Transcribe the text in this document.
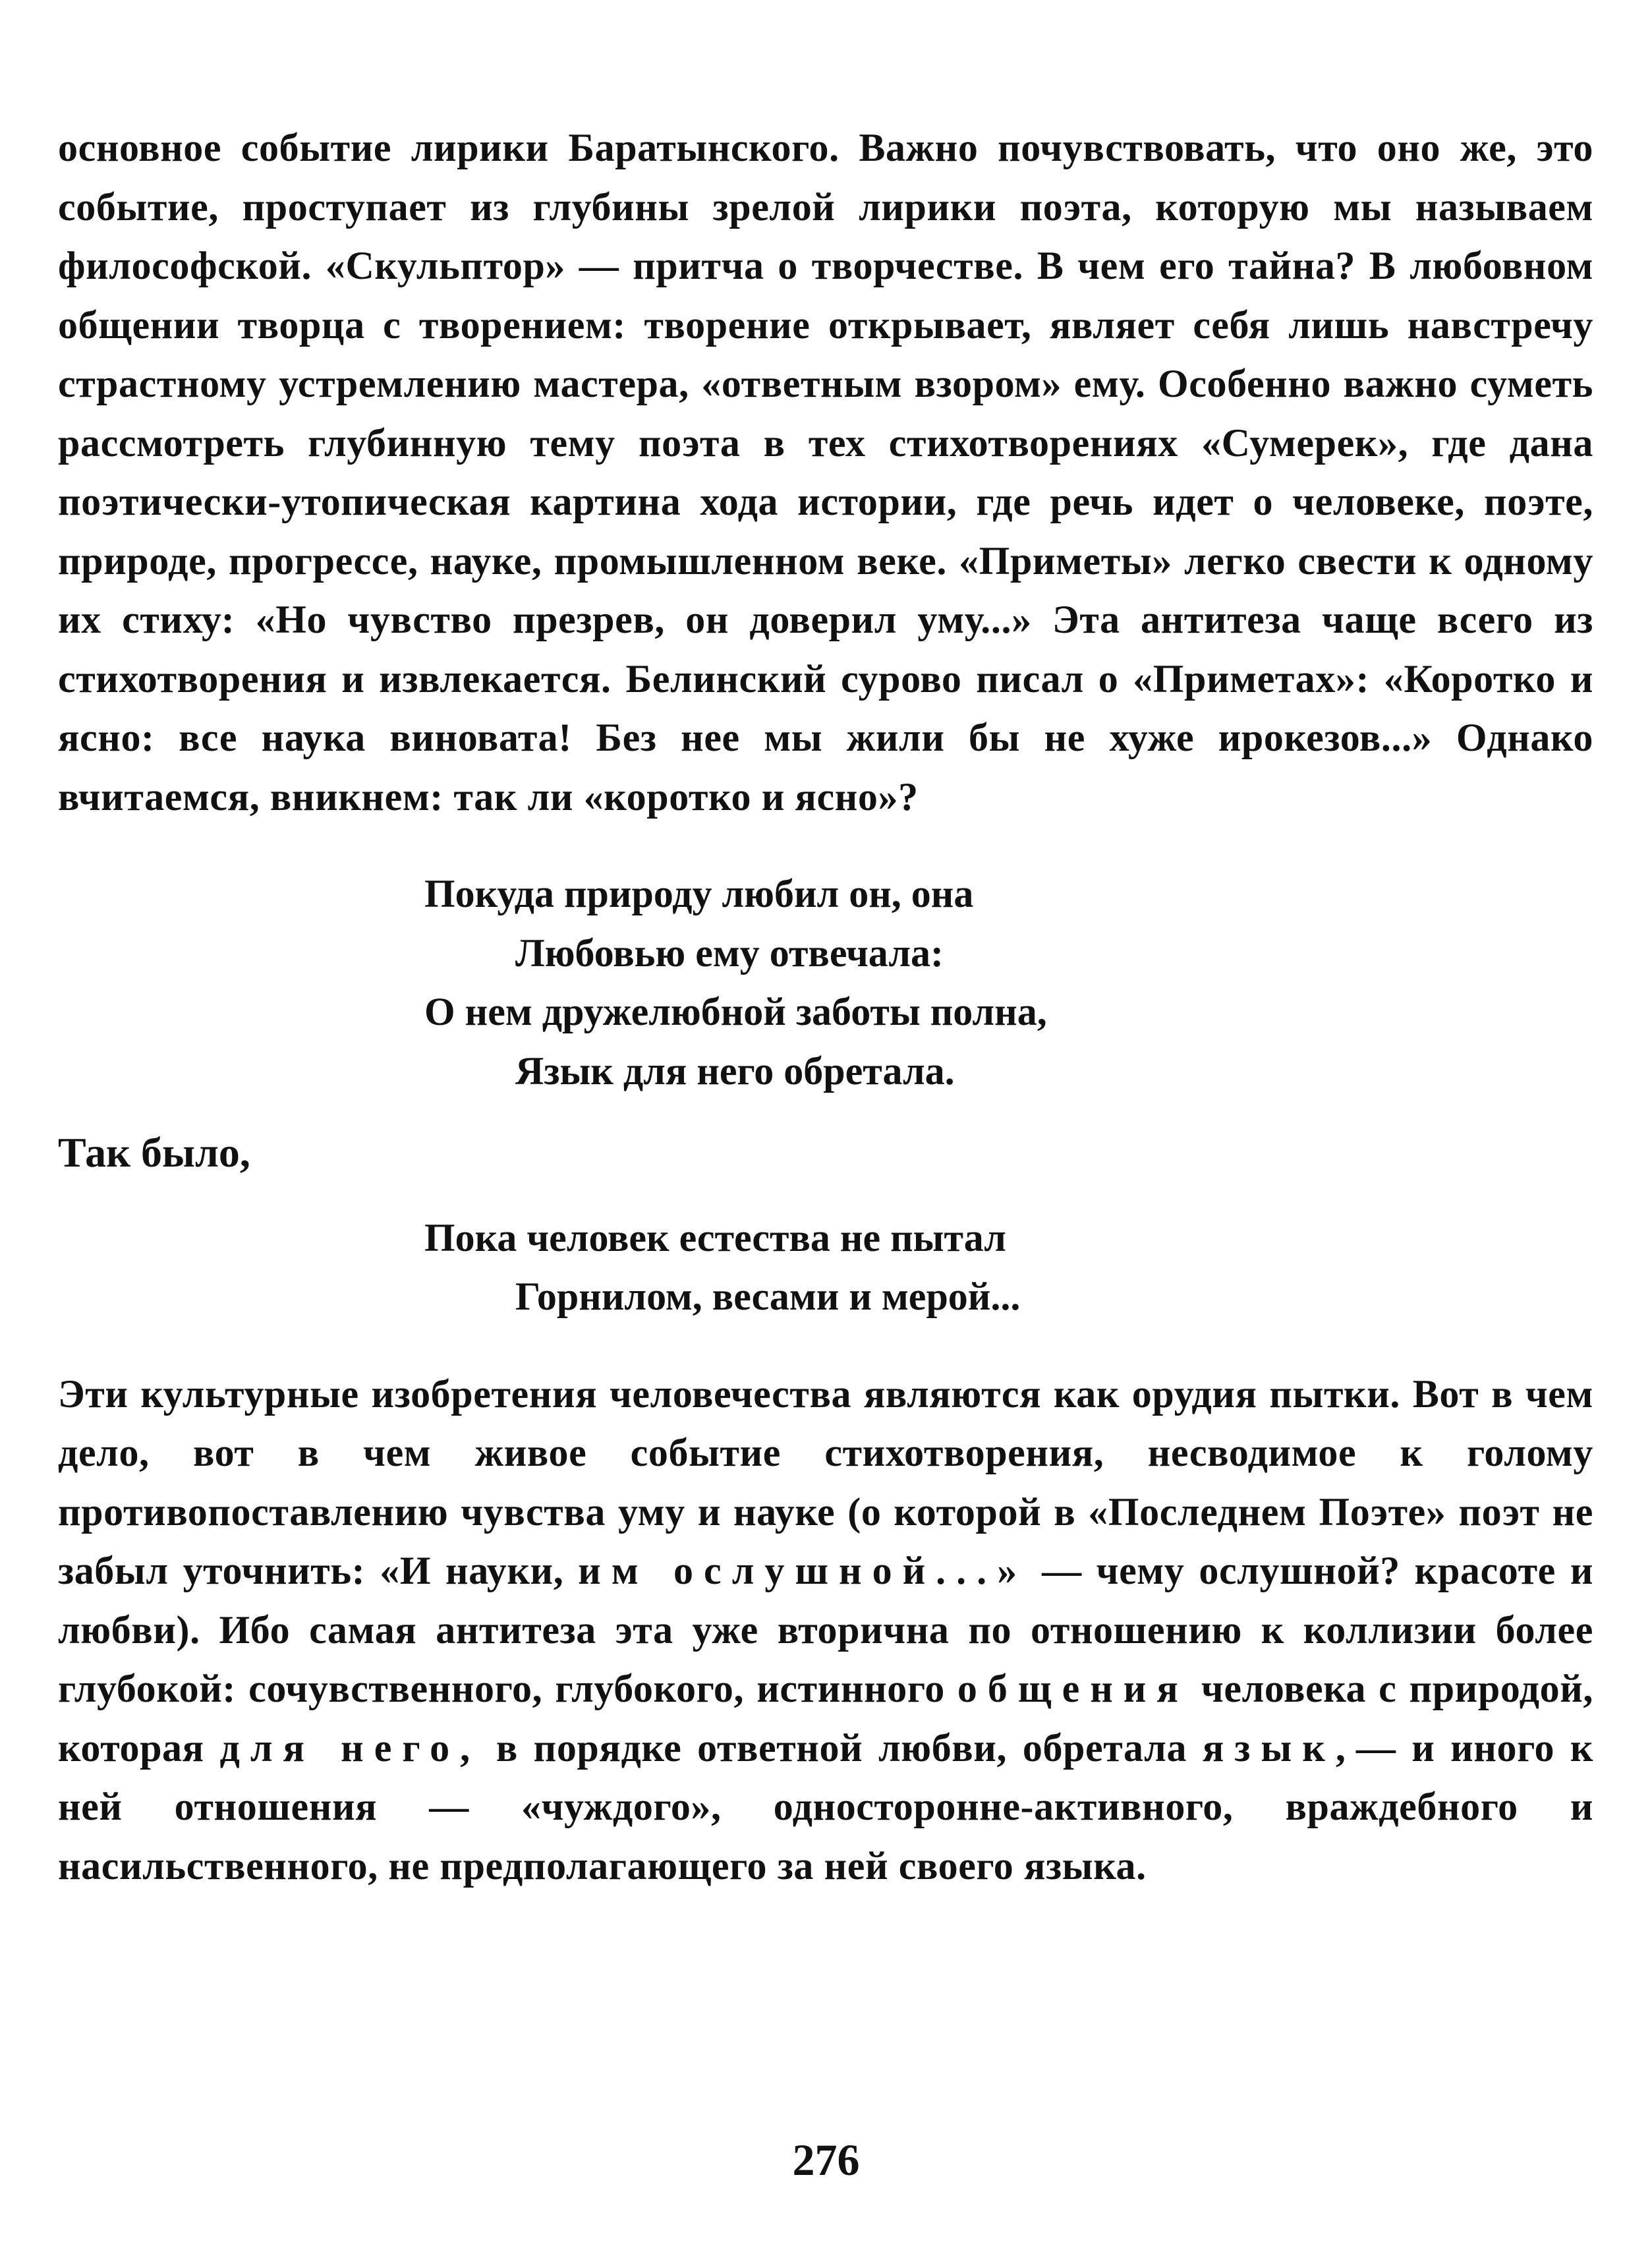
основное событие лирики Баратынского. Важно почувствовать, что оно же, это событие, проступает из глубины зрелой лирики поэта, которую мы называем философской. «Скульптор» — притча о творчестве. В чем его тайна? В любовном общении творца с творением: творение открывает, являет себя лишь навстречу страстному устремлению мастера, «ответным взором» ему. Особенно важно суметь рассмотреть глубинную тему поэта в тех стихотворениях «Сумерек», где дана поэтически-утопическая картина хода истории, где речь идет о человеке, поэте, природе, прогрессе, науке, промышленном веке. «Приметы» легко свести к одному их стиху: «Но чувство презрев, он доверил уму...» Эта антитеза чаще всего из стихотворения и извлекается. Белинский сурово писал о «Приметах»: «Коротко и ясно: все наука виновата! Без нее мы жили бы не хуже ирокезов...» Однако вчитаемся, вникнем: так ли «коротко и ясно»?

Покуда природу любил он, она
Любовью ему отвечала:
О нем дружелюбной заботы полна,
Язык для него обретала.

Так было,

Пока человек естества не пытал
Горнилом, весами и мерой...

Эти культурные изобретения человечества являются как орудия пытки. Вот в чем дело, вот в чем живое событие стихотворения, несводимое к голому противопоставлению чувства уму и науке (о которой в «Последнем Поэте» поэт не забыл уточнить: «И науки, им ослушной...» — чему ослушной? красоте и любви). Ибо самая антитеза эта уже вторична по отношению к коллизии более глубокой: сочувственного, глубокого, истинного общения человека с природой, которая для него, в порядке ответной любви, обретала язык,— и иного к ней отношения — «чуждого», односторонне-активного, враждебного и насильственного, не предполагающего за ней своего языка.

276
